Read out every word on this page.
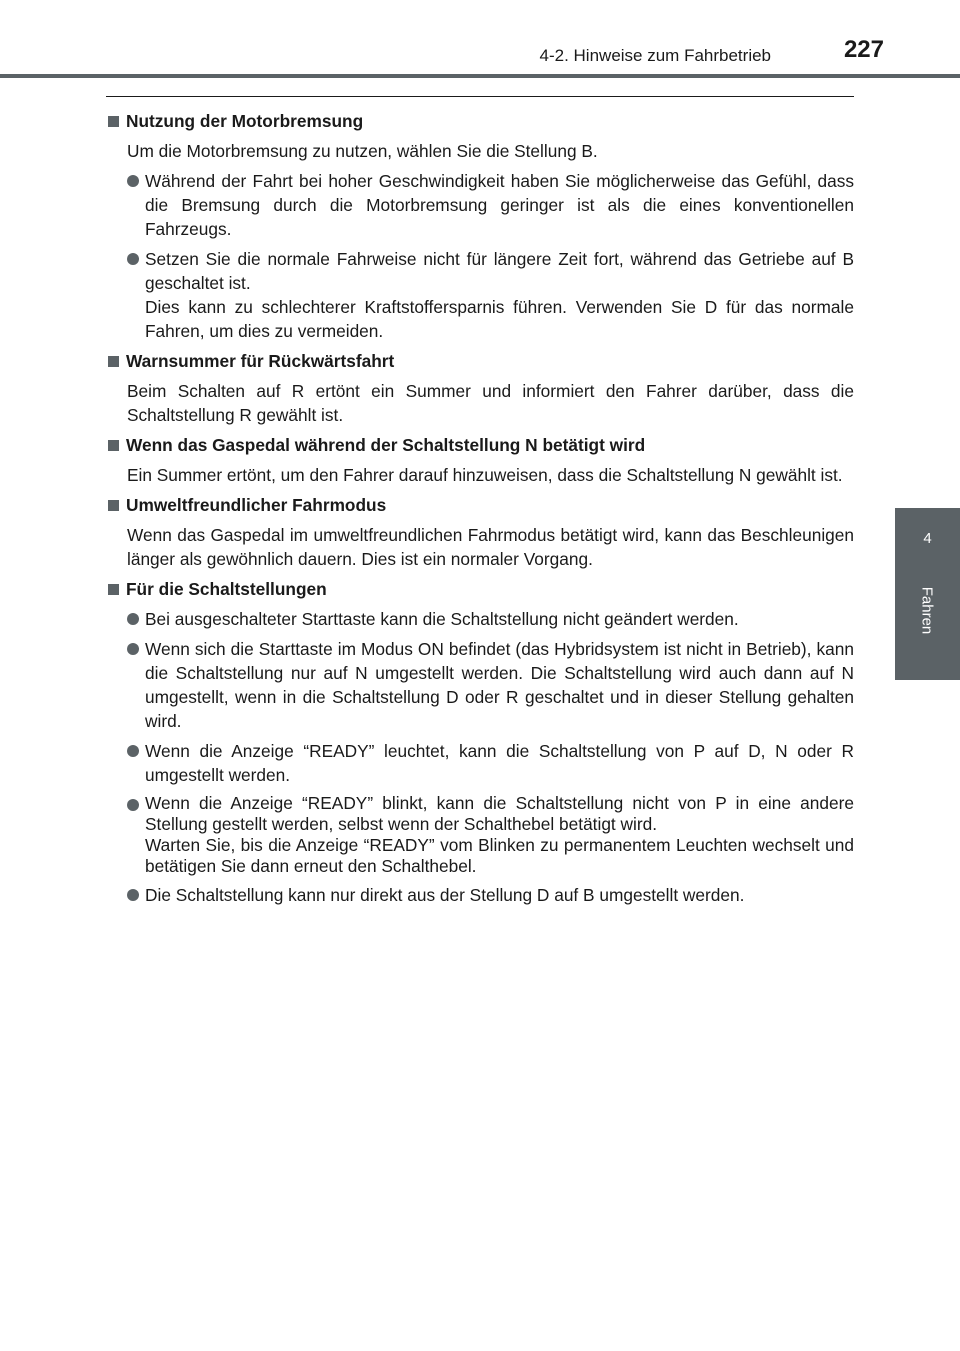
4-2. Hinweise zum Fahrbetrieb	227
4
Fahren
Nutzung der Motorbremsung
Um die Motorbremsung zu nutzen, wählen Sie die Stellung B.

Während der Fahrt bei hoher Geschwindigkeit haben Sie möglicherweise das Gefühl, dass die Bremsung durch die Motorbremsung geringer ist als die eines konventionellen Fahrzeugs.

Setzen Sie die normale Fahrweise nicht für längere Zeit fort, während das Getriebe auf B geschaltet ist.

Dies kann zu schlechterer Kraftstoffersparnis führen. Verwenden Sie D für das normale Fahren, um dies zu vermeiden.

Warnsummer für Rückwärtsfahrt
Beim Schalten auf R ertönt ein Summer und informiert den Fahrer darüber, dass die Schaltstellung R gewählt ist.
Wenn das Gaspedal während der Schaltstellung N betätigt wird
Ein Summer ertönt, um den Fahrer darauf hinzuweisen, dass die Schaltstellung N gewählt ist.
Umweltfreundlicher Fahrmodus
Wenn das Gaspedal im umweltfreundlichen Fahrmodus betätigt wird, kann das Beschleunigen länger als gewöhnlich dauern. Dies ist ein normaler Vorgang.
Für die Schaltstellungen

Bei ausgeschalteter Starttaste kann die Schaltstellung nicht geändert werden.

Wenn sich die Starttaste im Modus ON befindet (das Hybridsystem ist nicht in Betrieb), kann die Schaltstellung nur auf N umgestellt werden. Die Schaltstellung wird auch dann auf N umgestellt, wenn in die Schaltstellung D oder R geschaltet und in dieser Stellung gehalten wird.

Wenn die Anzeige “READY” leuchtet, kann die Schaltstellung von P auf D, N oder R umgestellt werden.

Wenn die Anzeige “READY” blinkt, kann die Schaltstellung nicht von P in eine andere Stellung gestellt werden, selbst wenn der Schalthebel betätigt wird.

Warten Sie, bis die Anzeige “READY” vom Blinken zu permanentem Leuchten wechselt und betätigen Sie dann erneut den Schalthebel.

Die Schaltstellung kann nur direkt aus der Stellung D auf B umgestellt werden.
